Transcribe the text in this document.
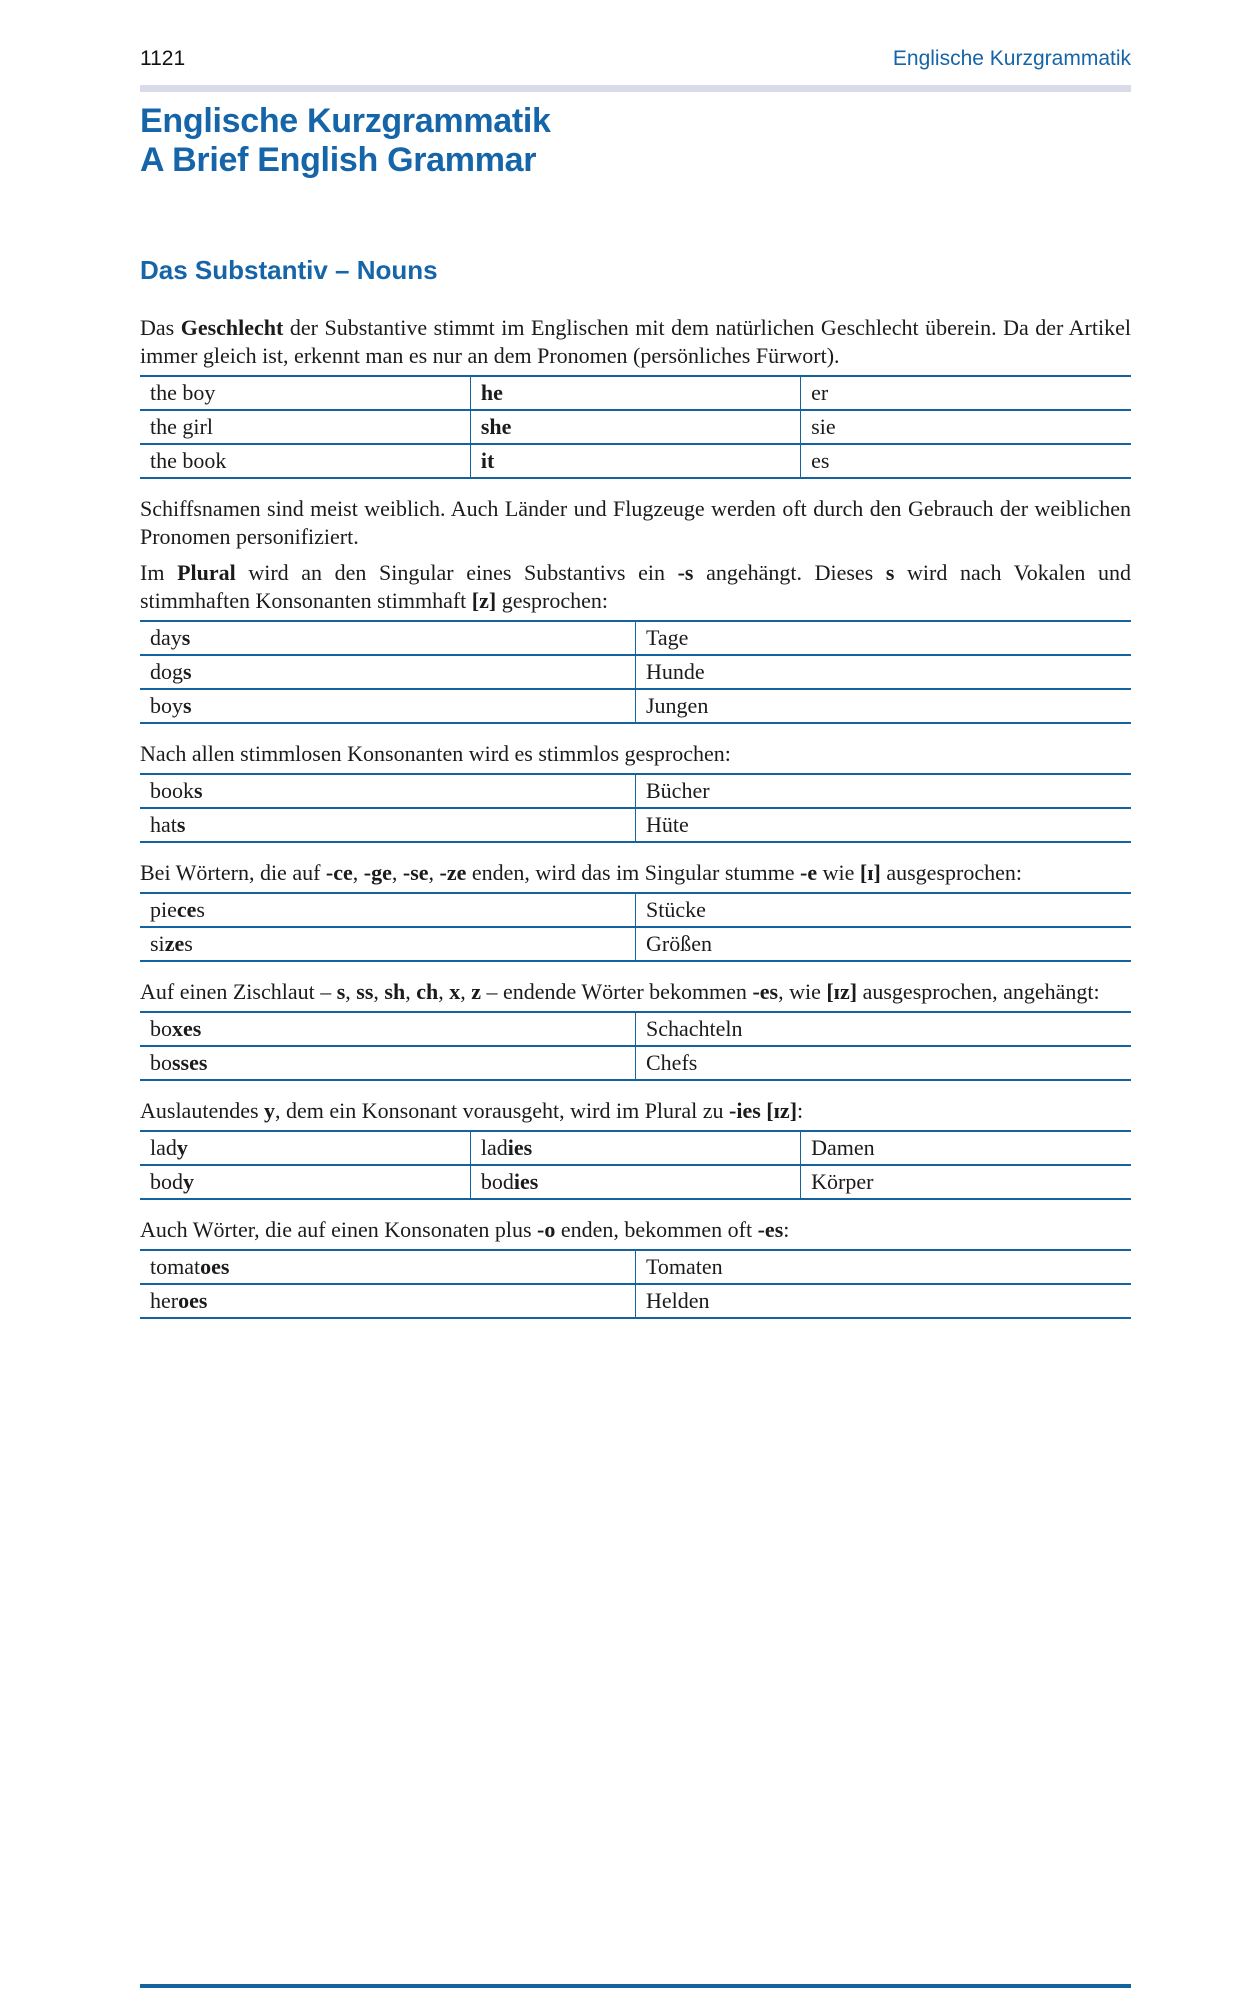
1121	Englische Kurzgrammatik
Englische Kurzgrammatik
A Brief English Grammar
Das Substantiv – Nouns

Das Geschlecht der Substantive stimmt im Englischen mit dem natürlichen Geschlecht überein. Da der Artikel immer gleich ist, erkennt man es nur an dem Pronomen (persönliches Fürwort).

the boy	he	er
the girl	she	sie
the book	it	es

Schiffsnamen sind meist weiblich. Auch Länder und Flugzeuge werden oft durch den Gebrauch der weiblichen Pronomen personifiziert.

Im Plural wird an den Singular eines Substantivs ein -s angehängt. Dieses s wird nach Vokalen und stimmhaften Konsonanten stimmhaft [z] gesprochen:

days	Tage
dogs	Hunde
boys	Jungen

Nach allen stimmlosen Konsonanten wird es stimmlos gesprochen:

books	Bücher
hats	Hüte

Bei Wörtern, die auf -ce, -ge, -se, -ze enden, wird das im Singular stumme -e wie [ɪ] ausgesprochen:

pieces	Stücke
sizes	Größen

Auf einen Zischlaut – s, ss, sh, ch, x, z – endende Wörter bekommen -es, wie [ɪz] ausgesprochen, angehängt:

boxes	Schachteln
bosses	Chefs

Auslautendes y, dem ein Konsonant vorausgeht, wird im Plural zu -ies [ɪz]:

lady	ladies	Damen
body	bodies	Körper

Auch Wörter, die auf einen Konsonaten plus -o enden, bekommen oft -es:

tomatoes	Tomaten
heroes	Helden
